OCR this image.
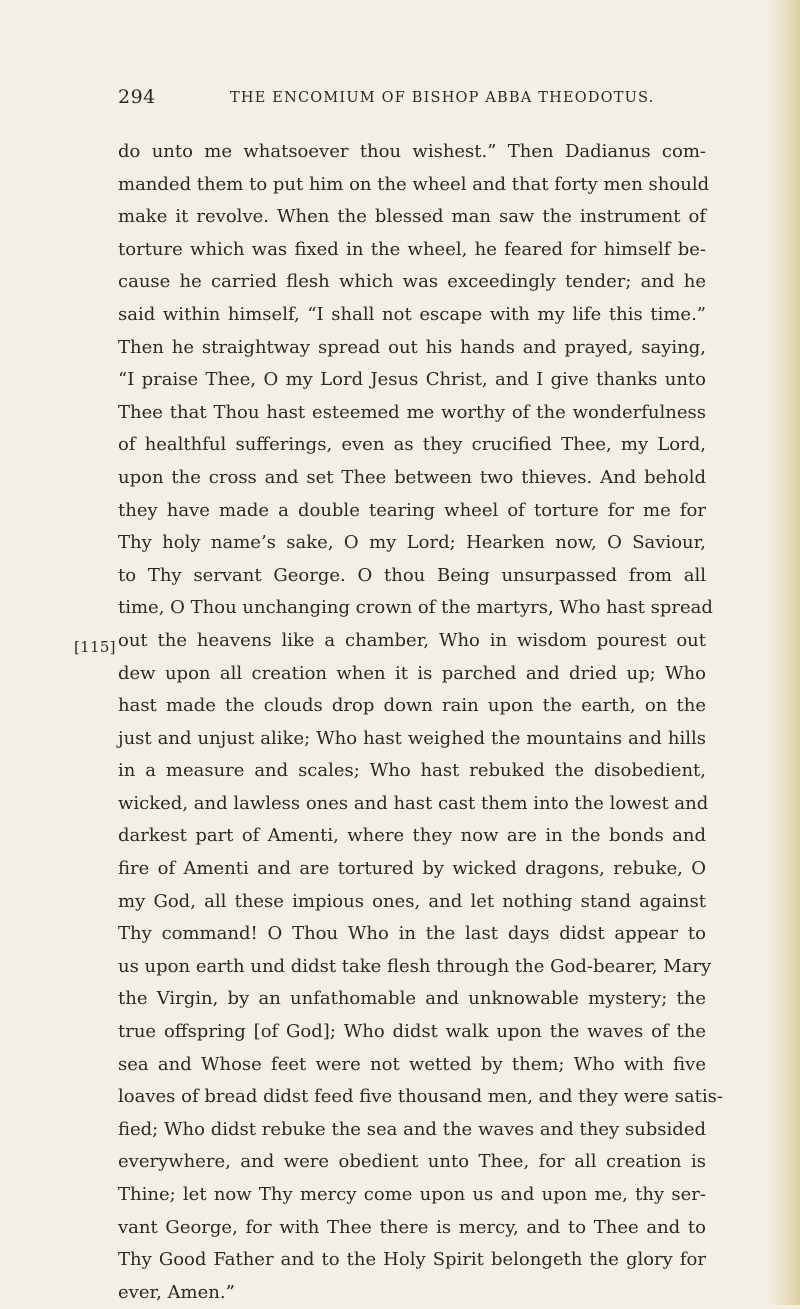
294	THE ENCOMIUM OF BISHOP ABBA THEODOTUS.
[115]
do unto me whatsoever thou wishest.” Then Dadianus com-
manded them to put him on the wheel and that forty men should
make it revolve. When the blessed man saw the instrument of
torture which was fixed in the wheel, he feared for himself be-
cause he carried flesh which was exceedingly tender; and he
said within himself, “I shall not escape with my life this time.”
Then he straightway spread out his hands and prayed, saying,
“I praise Thee, O my Lord Jesus Christ, and I give thanks unto
Thee that Thou hast esteemed me worthy of the wonderfulness
of healthful sufferings, even as they crucified Thee, my Lord,
upon the cross and set Thee between two thieves. And behold
they have made a double tearing wheel of torture for me for
Thy holy name’s sake, O my Lord; Hearken now, O Saviour,
to Thy servant George. O thou Being unsurpassed from all
time, O Thou unchanging crown of the martyrs, Who hast spread
out the heavens like a chamber, Who in wisdom pourest out
dew upon all creation when it is parched and dried up; Who
hast made the clouds drop down rain upon the earth, on the
just and unjust alike; Who hast weighed the mountains and hills
in a measure and scales; Who hast rebuked the disobedient,
wicked, and lawless ones and hast cast them into the lowest and
darkest part of Amenti, where they now are in the bonds and
fire of Amenti and are tortured by wicked dragons, rebuke, O
my God, all these impious ones, and let nothing stand against
Thy command! O Thou Who in the last days didst appear to
us upon earth und didst take flesh through the God-bearer, Mary
the Virgin, by an unfathomable and unknowable mystery; the
true offspring [of God]; Who didst walk upon the waves of the
sea and Whose feet were not wetted by them; Who with five
loaves of bread didst feed five thousand men, and they were satis-
fied; Who didst rebuke the sea and the waves and they subsided
everywhere, and were obedient unto Thee, for all creation is
Thine; let now Thy mercy come upon us and upon me, thy ser-
vant George, for with Thee there is mercy, and to Thee and to
Thy Good Father and to the Holy Spirit belongeth the glory for
ever, Amen.”
